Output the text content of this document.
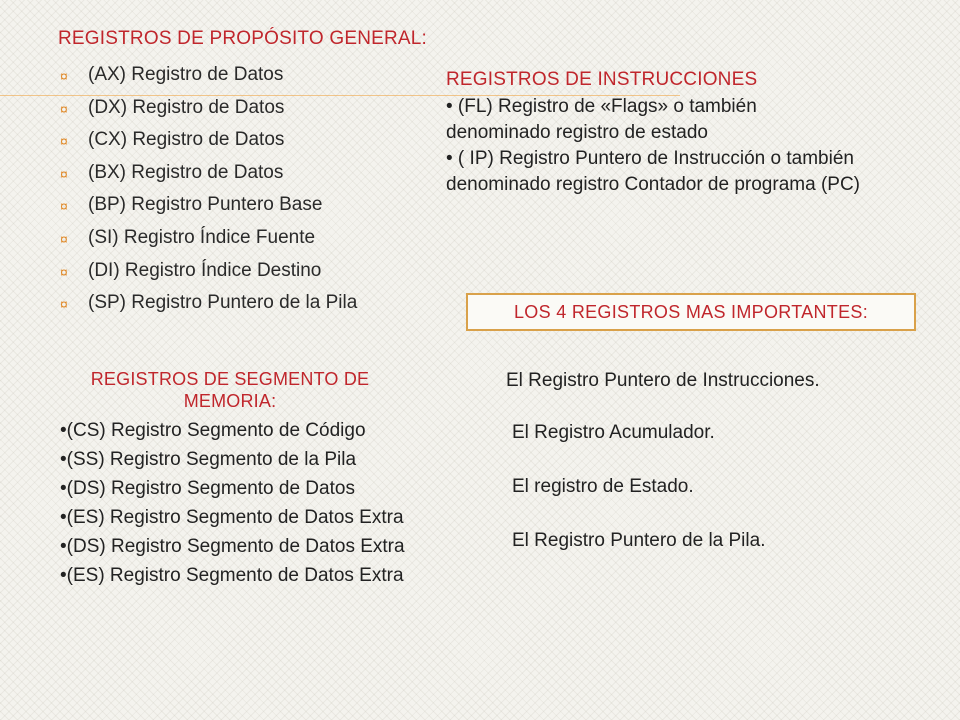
REGISTROS DE PROPÓSITO GENERAL:
¤ (AX) Registro de Datos
¤ (DX) Registro de Datos
¤ (CX) Registro de Datos
¤ (BX) Registro de Datos
¤ (BP) Registro Puntero Base
¤ (SI) Registro Índice Fuente
¤ (DI) Registro Índice Destino
¤ (SP) Registro Puntero de la Pila
REGISTROS DE INSTRUCCIONES
• (FL) Registro de «Flags» o también denominado registro de estado
• ( IP) Registro Puntero de Instrucción o también denominado registro Contador de programa (PC)
LOS 4 REGISTROS MAS IMPORTANTES:
El Registro Puntero de Instrucciones.
El Registro Acumulador.
El registro de Estado.
El Registro Puntero de la Pila.
REGISTROS DE SEGMENTO DE MEMORIA:
•(CS) Registro Segmento de Código
•(SS) Registro Segmento de la Pila
•(DS) Registro Segmento de Datos
•(ES) Registro Segmento de Datos Extra
•(DS) Registro Segmento de Datos Extra
•(ES) Registro Segmento de Datos Extra
